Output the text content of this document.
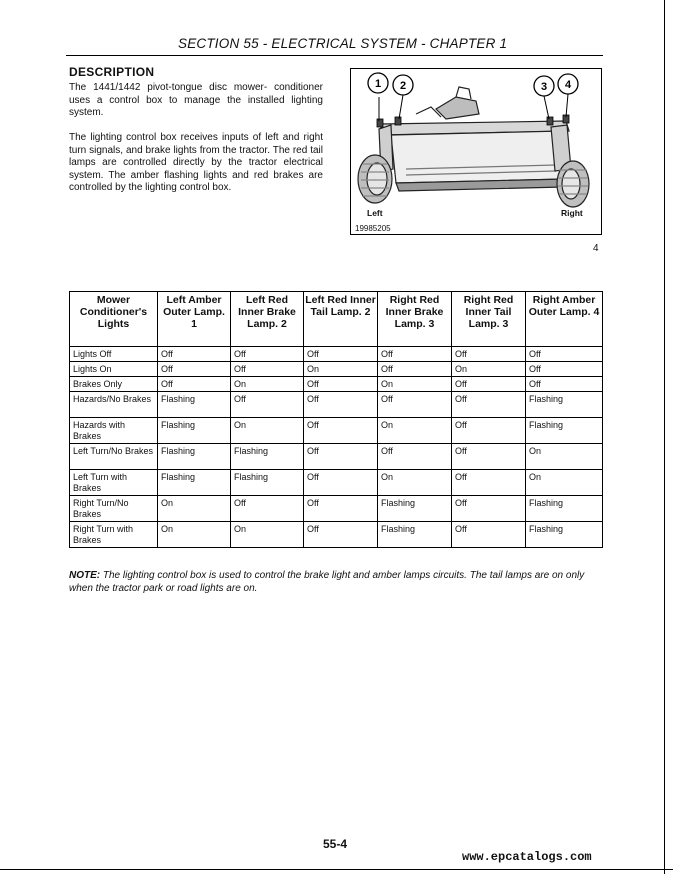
SECTION 55 - ELECTRICAL SYSTEM - CHAPTER 1
DESCRIPTION

The 1441/1442 pivot-tongue disc mower- conditioner uses a control box to manage the installed lighting system.

The lighting control box receives inputs of left and right turn signals, and brake lights from the tractor. The red tail lamps are controlled directly by the tractor electrical system. The amber flashing lights and red brakes are controlled by the lighting control box.

1 2	3 4
Left	Right
19985205
4
Mower Conditioner's Lights	Left Amber Outer Lamp. 1	Left Red Inner Brake Lamp. 2	Left Red Inner Tail Lamp. 2	Right Red Inner Brake Lamp. 3	Right Red Inner Tail Lamp. 3	Right Amber Outer Lamp. 4
Lights Off	Off	Off	Off	Off	Off	Off
Lights On	Off	Off	On	Off	On	Off
Brakes Only	Off	On	Off	On	Off	Off
Hazards/No Brakes	Flashing	Off	Off	Off	Off	Flashing
Hazards with Brakes	Flashing	On	Off	On	Off	Flashing
Left Turn/No Brakes	Flashing	Flashing	Off	Off	Off	On
Left Turn with Brakes	Flashing	Flashing	Off	On	Off	On
Right Turn/No Brakes	On	Off	Off	Flashing	Off	Flashing
Right Turn with Brakes	On	On	Off	Flashing	Off	Flashing

NOTE: The lighting control box is used to control the brake light and amber lamps circuits. The tail lamps are on only when the tractor park or road lights are on.

55-4
www.epcatalogs.com
